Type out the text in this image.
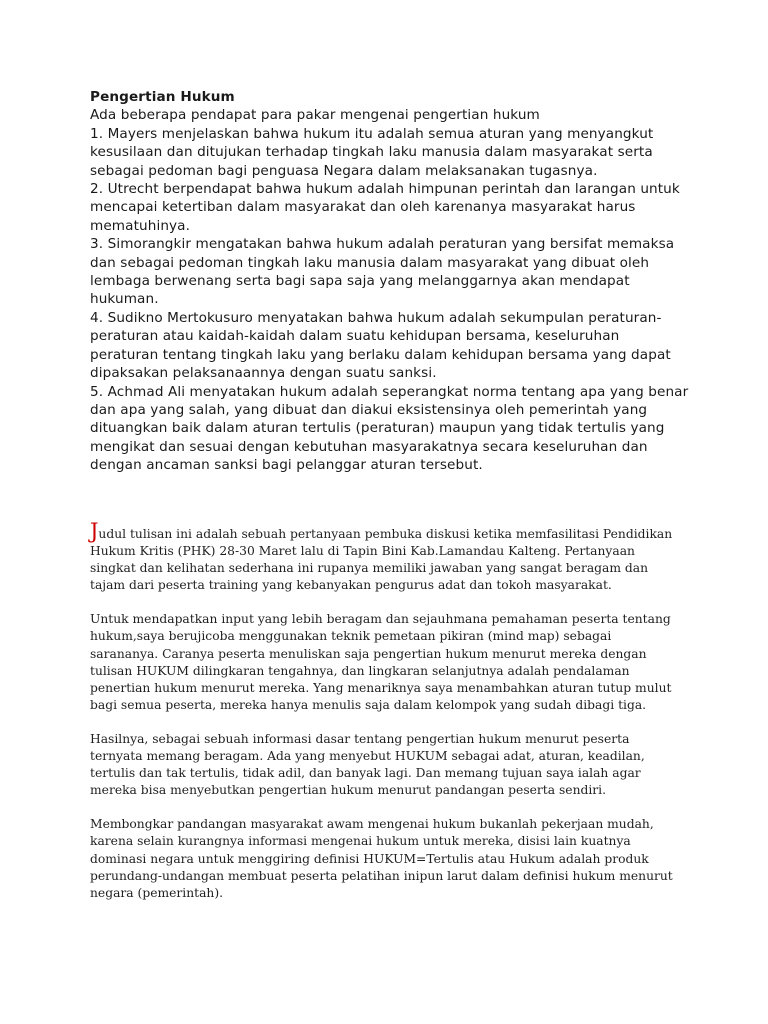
Pengertian Hukum

Ada beberapa pendapat para pakar mengenai pengertian hukum

1. Mayers menjelaskan bahwa hukum itu adalah semua aturan yang menyangkut kesusilaan dan ditujukan terhadap tingkah laku manusia dalam masyarakat serta sebagai pedoman bagi penguasa Negara dalam melaksanakan tugasnya.

2. Utrecht berpendapat bahwa hukum adalah himpunan perintah dan larangan untuk mencapai ketertiban dalam masyarakat dan oleh karenanya masyarakat harus mematuhinya.

3. Simorangkir mengatakan bahwa hukum adalah peraturan yang bersifat memaksa dan sebagai pedoman tingkah laku manusia dalam masyarakat yang dibuat oleh lembaga berwenang serta bagi sapa saja yang melanggarnya akan mendapat hukuman.

4. Sudikno Mertokusuro menyatakan bahwa hukum adalah sekumpulan peraturan-peraturan atau kaidah-kaidah dalam suatu kehidupan bersama, keseluruhan peraturan tentang tingkah laku yang berlaku dalam kehidupan bersama yang dapat dipaksakan pelaksanaannya dengan suatu sanksi.

5. Achmad Ali menyatakan hukum adalah seperangkat norma tentang apa yang benar dan apa yang salah, yang dibuat dan diakui eksistensinya oleh pemerintah yang dituangkan baik dalam aturan tertulis (peraturan) maupun yang tidak tertulis yang mengikat dan sesuai dengan kebutuhan masyarakatnya secara keseluruhan dan dengan ancaman sanksi bagi pelanggar aturan tersebut.

Judul tulisan ini adalah sebuah pertanyaan pembuka diskusi ketika memfasilitasi Pendidikan Hukum Kritis (PHK) 28-30 Maret lalu di Tapin Bini Kab.Lamandau Kalteng. Pertanyaan singkat dan kelihatan sederhana ini rupanya memiliki jawaban yang sangat beragam dan tajam dari peserta training yang kebanyakan pengurus adat dan tokoh masyarakat.

Untuk mendapatkan input yang lebih beragam dan sejauhmana pemahaman peserta tentang hukum,saya berujicoba menggunakan teknik pemetaan pikiran (mind map) sebagai sarananya. Caranya peserta menuliskan saja pengertian hukum menurut mereka dengan tulisan HUKUM dilingkaran tengahnya, dan lingkaran selanjutnya adalah pendalaman penertian hukum menurut mereka. Yang menariknya saya menambahkan aturan tutup mulut bagi semua peserta, mereka hanya menulis saja dalam kelompok yang sudah dibagi tiga.

Hasilnya, sebagai sebuah informasi dasar tentang pengertian hukum menurut peserta ternyata memang beragam. Ada yang menyebut HUKUM sebagai adat, aturan, keadilan, tertulis dan tak tertulis, tidak adil, dan banyak lagi. Dan memang tujuan saya ialah agar mereka bisa menyebutkan pengertian hukum menurut pandangan peserta sendiri.

Membongkar pandangan masyarakat awam mengenai hukum bukanlah pekerjaan mudah, karena selain kurangnya informasi mengenai hukum untuk mereka, disisi lain kuatnya dominasi negara untuk menggiring definisi HUKUM=Tertulis atau Hukum adalah produk perundang-undangan membuat peserta pelatihan inipun larut dalam definisi hukum menurut negara (pemerintah).
